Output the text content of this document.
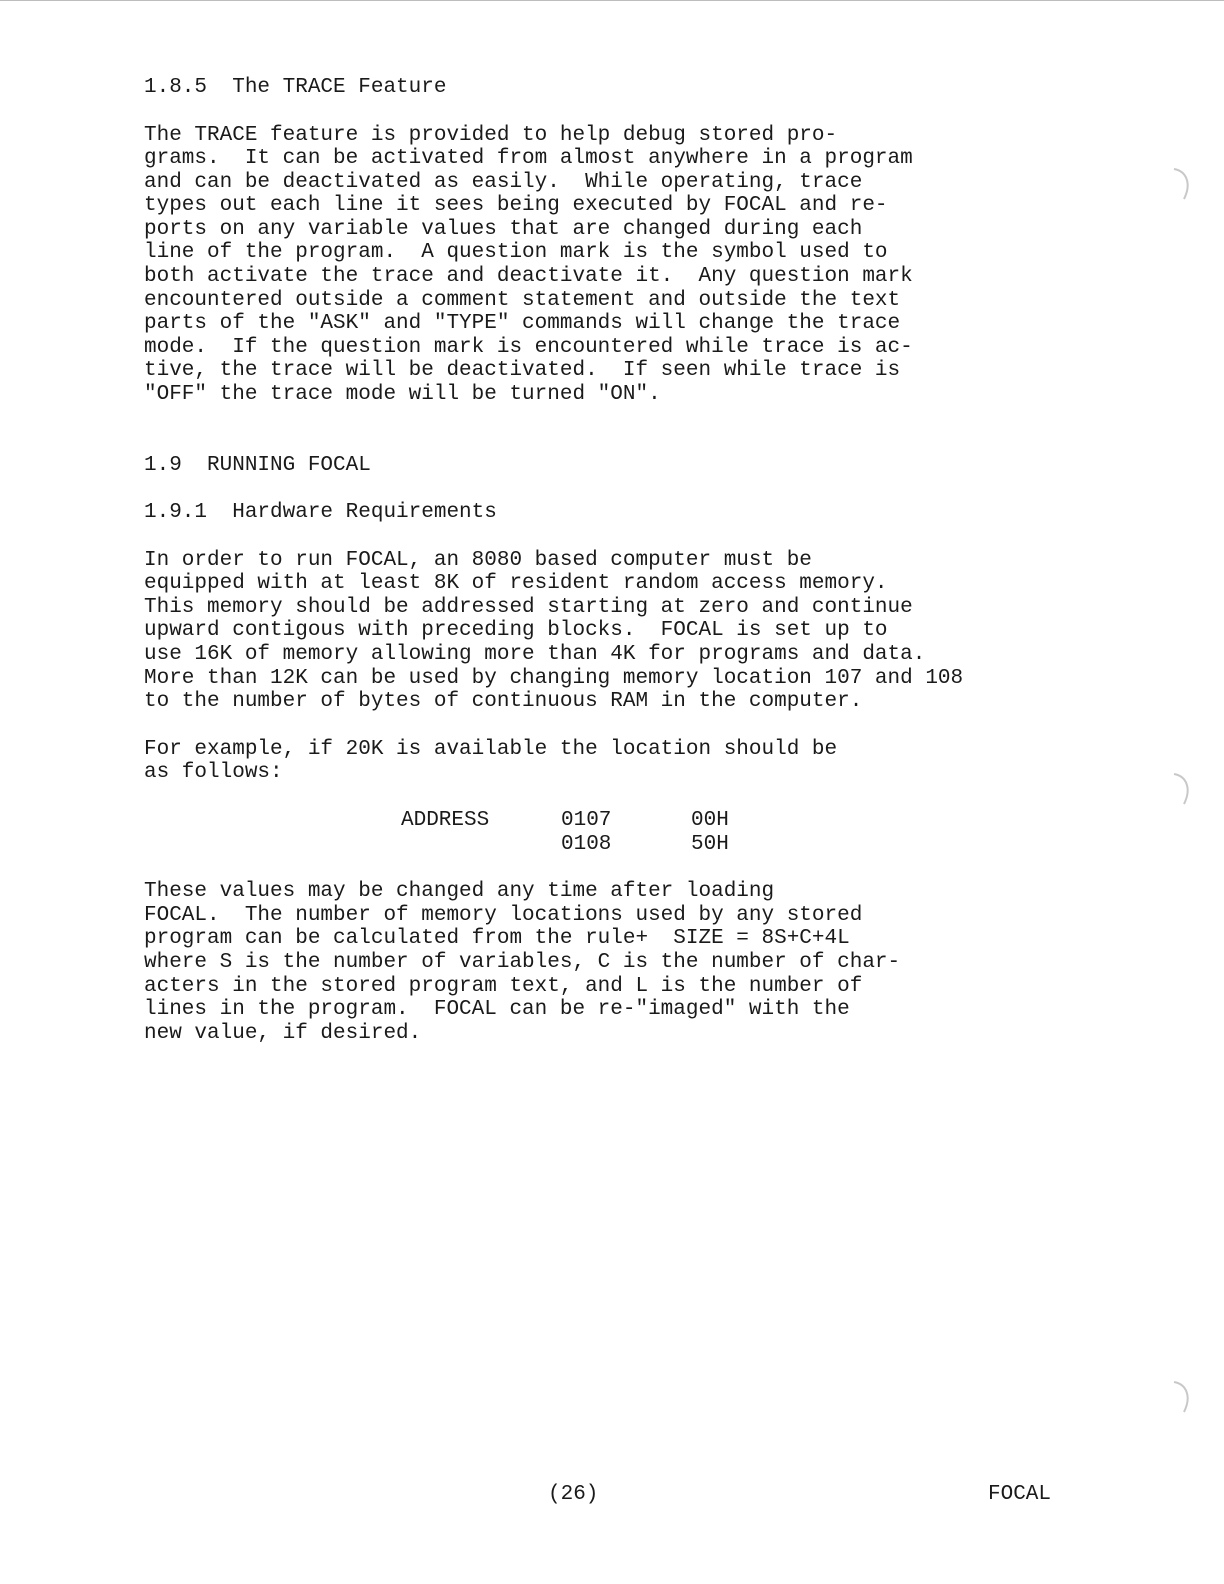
1.8.5  The TRACE Feature
The TRACE feature is provided to help debug stored pro-
grams.  It can be activated from almost anywhere in a program
and can be deactivated as easily.  While operating, trace
types out each line it sees being executed by FOCAL and re-
ports on any variable values that are changed during each
line of the program.  A question mark is the symbol used to
both activate the trace and deactivate it.  Any question mark
encountered outside a comment statement and outside the text
parts of the "ASK" and "TYPE" commands will change the trace
mode.  If the question mark is encountered while trace is ac-
tive, the trace will be deactivated.  If seen while trace is
"OFF" the trace mode will be turned "ON".
1.9  RUNNING FOCAL
1.9.1  Hardware Requirements
In order to run FOCAL, an 8080 based computer must be
equipped with at least 8K of resident random access memory.
This memory should be addressed starting at zero and continue
upward contigous with preceding blocks.  FOCAL is set up to
use 16K of memory allowing more than 4K for programs and data.
More than 12K can be used by changing memory location 107 and 108
to the number of bytes of continuous RAM in the computer.
For example, if 20K is available the location should be
as follows:
ADDRESS	0107	00H
	0108	50H
These values may be changed any time after loading
FOCAL.  The number of memory locations used by any stored
program can be calculated from the rule+  SIZE = 8S+C+4L
where S is the number of variables, C is the number of char-
acters in the stored program text, and L is the number of
lines in the program.  FOCAL can be re-"imaged" with the
new value, if desired.
(26)	FOCAL
